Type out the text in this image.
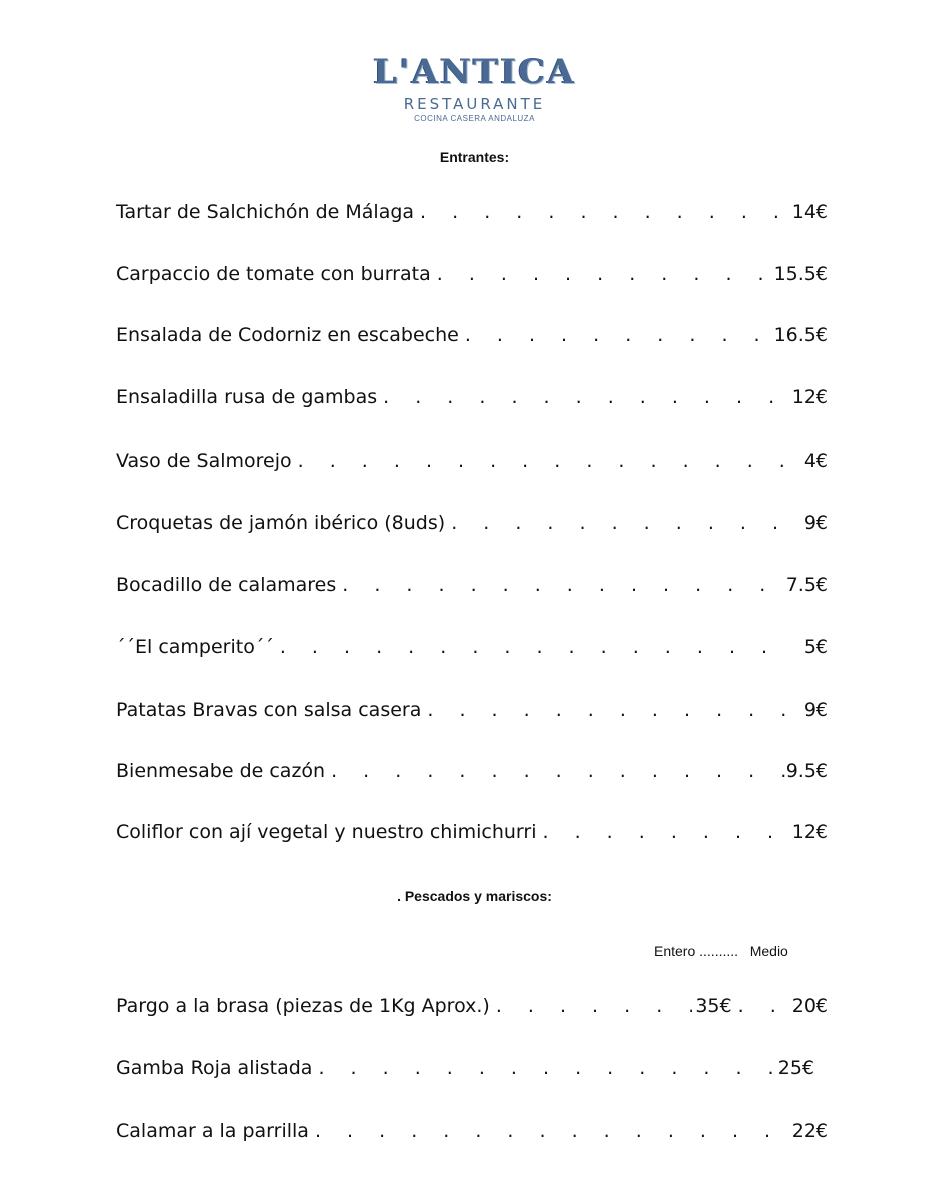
L'ANTICA
RESTAURANTE
COCINA CASERA ANDALUZA
Entrantes:
Tartar de Salchichón de Málaga . . .	14€
Carpaccio de tomate con burrata . . .	15.5€
Ensalada de Codorniz en escabeche . . .	16.5€
Ensaladilla rusa de gambas . . .	12€
Vaso de Salmorejo . . .	4€
Croquetas de jamón ibérico (8uds) . . .	9€
Bocadillo de calamares . . .	7.5€
´´El camperito´´ . . .	5€
Patatas Bravas con salsa casera . . .	9€
Bienmesabe de cazón . . .	9.5€
Coliflor con ají vegetal y nuestro chimichurri . . .	12€
. Pescados y mariscos:
Entero ..........   Medio
Pargo a la brasa (piezas de 1Kg Aprox.) . . .	35€ . . 20€
Gamba Roja alistada . . .	25€
Calamar a la parrilla . . .	22€
